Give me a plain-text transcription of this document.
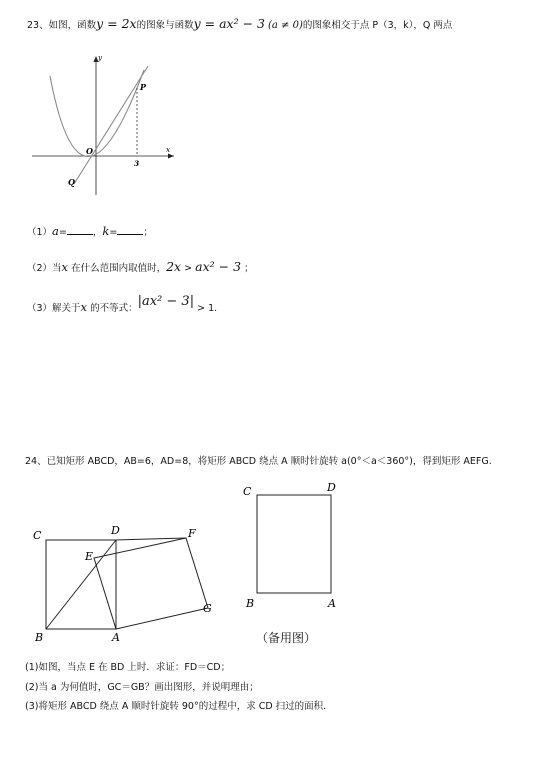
23、如图，函数y = 2x的图象与函数y = ax² − 3 (a ≠ 0)的图象相交于点 P（3，k），Q 两点
y
x
O
P
Q
3
（1）a=	，k=	；
（2）当x 在什么范围内取值时，2x > ax² − 3 ；
（3）解关于x 的不等式：|ax² − 3| > 1.
24、已知矩形 ABCD，AB=6，AD=8，将矩形 ABCD 绕点 A 顺时针旋转 a(0°＜a＜360°)，得到矩形 AEFG.
C	D
E
F
G
B	A
C	D
B	A
（备用图）
(1)如图，当点 E 在 BD 上时．求证：FD＝CD；
(2)当 a 为何值时，GC＝GB？画出图形，并说明理由；
(3)将矩形 ABCD 绕点 A 顺时针旋转 90°的过程中，求 CD 扫过的面积．
